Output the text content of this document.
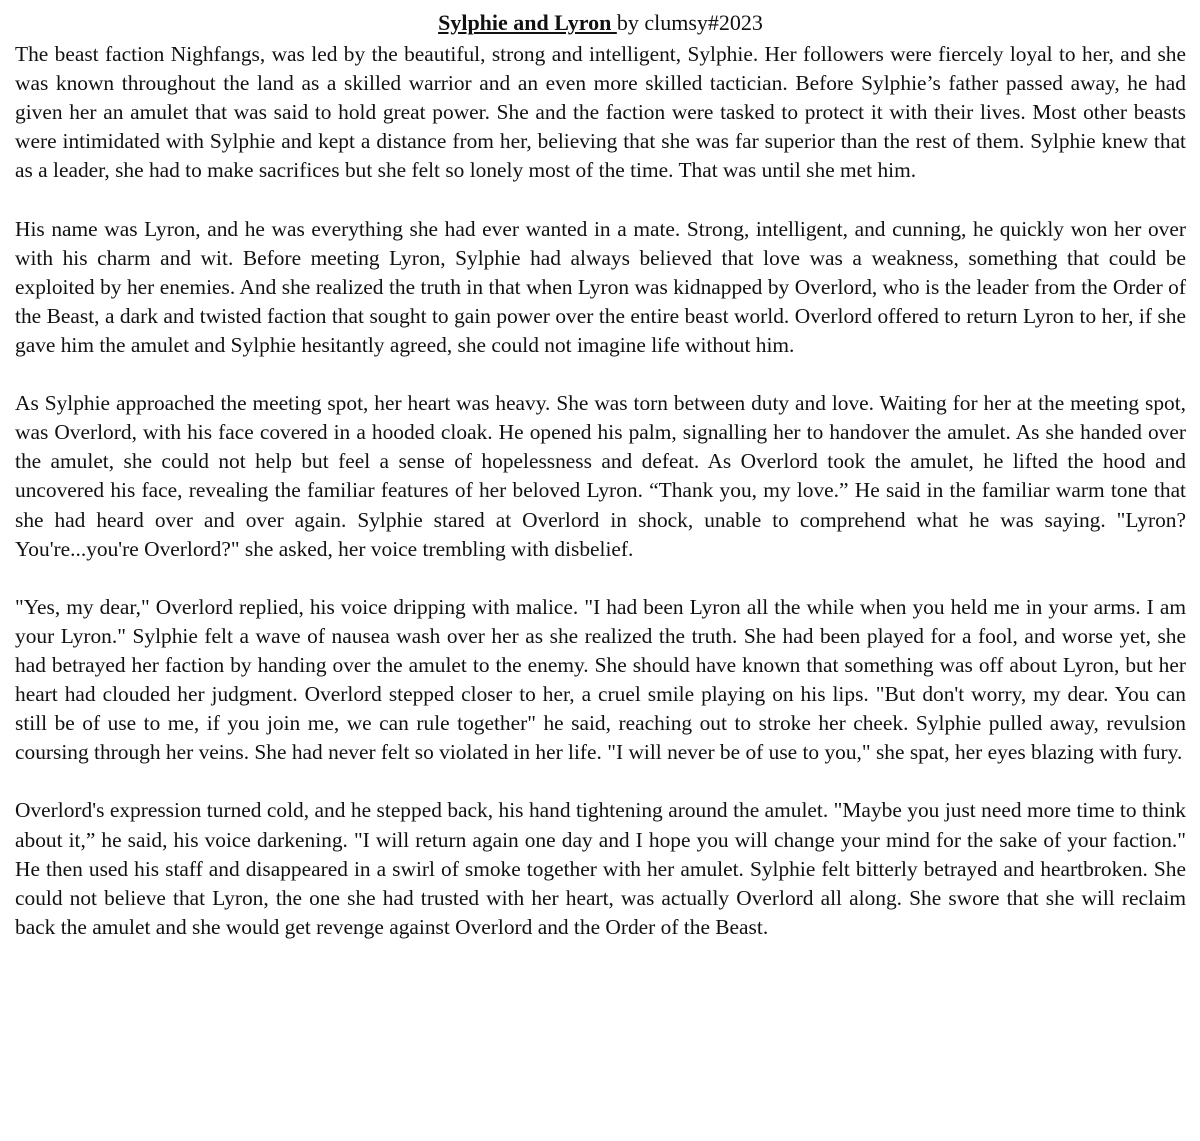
Sylphie and Lyron by clumsy#2023

The beast faction Nighfangs, was led by the beautiful, strong and intelligent, Sylphie. Her followers were fiercely loyal to her, and she was known throughout the land as a skilled warrior and an even more skilled tactician. Before Sylphie’s father passed away, he had given her an amulet that was said to hold great power. She and the faction were tasked to protect it with their lives. Most other beasts were intimidated with Sylphie and kept a distance from her, believing that she was far superior than the rest of them. Sylphie knew that as a leader, she had to make sacrifices but she felt so lonely most of the time. That was until she met him.

His name was Lyron, and he was everything she had ever wanted in a mate. Strong, intelligent, and cunning, he quickly won her over with his charm and wit. Before meeting Lyron, Sylphie had always believed that love was a weakness, something that could be exploited by her enemies. And she realized the truth in that when Lyron was kidnapped by Overlord, who is the leader from the Order of the Beast, a dark and twisted faction that sought to gain power over the entire beast world. Overlord offered to return Lyron to her, if she gave him the amulet and Sylphie hesitantly agreed, she could not imagine life without him.

As Sylphie approached the meeting spot, her heart was heavy. She was torn between duty and love. Waiting for her at the meeting spot, was Overlord, with his face covered in a hooded cloak. He opened his palm, signalling her to handover the amulet. As she handed over the amulet, she could not help but feel a sense of hopelessness and defeat. As Overlord took the amulet, he lifted the hood and uncovered his face, revealing the familiar features of her beloved Lyron. “Thank you, my love.” He said in the familiar warm tone that she had heard over and over again. Sylphie stared at Overlord in shock, unable to comprehend what he was saying. "Lyron? You're...you're Overlord?" she asked, her voice trembling with disbelief.

"Yes, my dear," Overlord replied, his voice dripping with malice. "I had been Lyron all the while when you held me in your arms. I am your Lyron." Sylphie felt a wave of nausea wash over her as she realized the truth. She had been played for a fool, and worse yet, she had betrayed her faction by handing over the amulet to the enemy. She should have known that something was off about Lyron, but her heart had clouded her judgment. Overlord stepped closer to her, a cruel smile playing on his lips. "But don't worry, my dear. You can still be of use to me, if you join me, we can rule together" he said, reaching out to stroke her cheek. Sylphie pulled away, revulsion coursing through her veins. She had never felt so violated in her life. "I will never be of use to you," she spat, her eyes blazing with fury.

Overlord's expression turned cold, and he stepped back, his hand tightening around the amulet. "Maybe you just need more time to think about it,” he said, his voice darkening. "I will return again one day and I hope you will change your mind for the sake of your faction." He then used his staff and disappeared in a swirl of smoke together with her amulet. Sylphie felt bitterly betrayed and heartbroken. She could not believe that Lyron, the one she had trusted with her heart, was actually Overlord all along. She swore that she will reclaim back the amulet and she would get revenge against Overlord and the Order of the Beast.
